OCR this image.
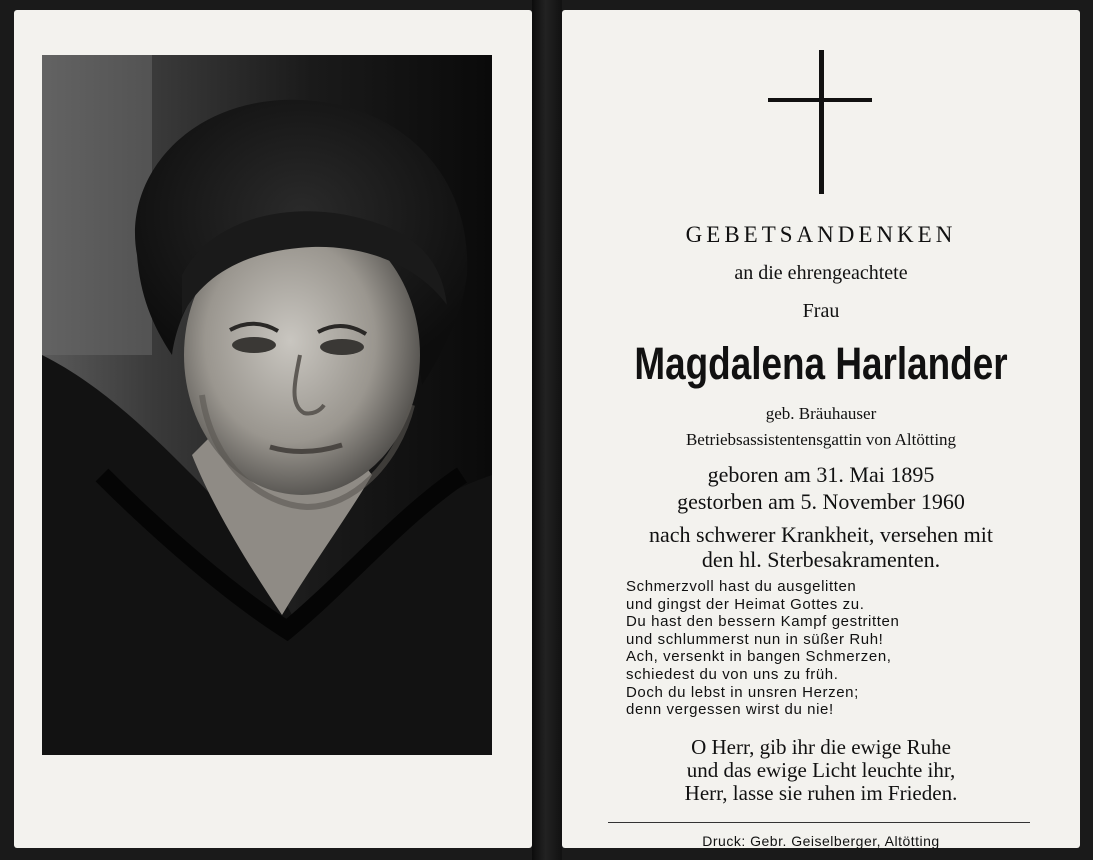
GEBETSANDENKEN
an die ehrengeachtete
Frau
Magdalena Harlander
geb. Bräuhauser
Betriebsassistentensgattin von Altötting
geboren am 31. Mai 1895
gestorben am 5. November 1960
nach schwerer Krankheit, versehen mit
den hl. Sterbesakramenten.
Schmerzvoll hast du ausgelitten
und gingst der Heimat Gottes zu.
Du hast den bessern Kampf gestritten
und schlummerst nun in süßer Ruh!
Ach, versenkt in bangen Schmerzen,
schiedest du von uns zu früh.
Doch du lebst in unsren Herzen;
denn vergessen wirst du nie!
O Herr, gib ihr die ewige Ruhe
und das ewige Licht leuchte ihr,
Herr, lasse sie ruhen im Frieden.
Druck: Gebr. Geiselberger, Altötting
